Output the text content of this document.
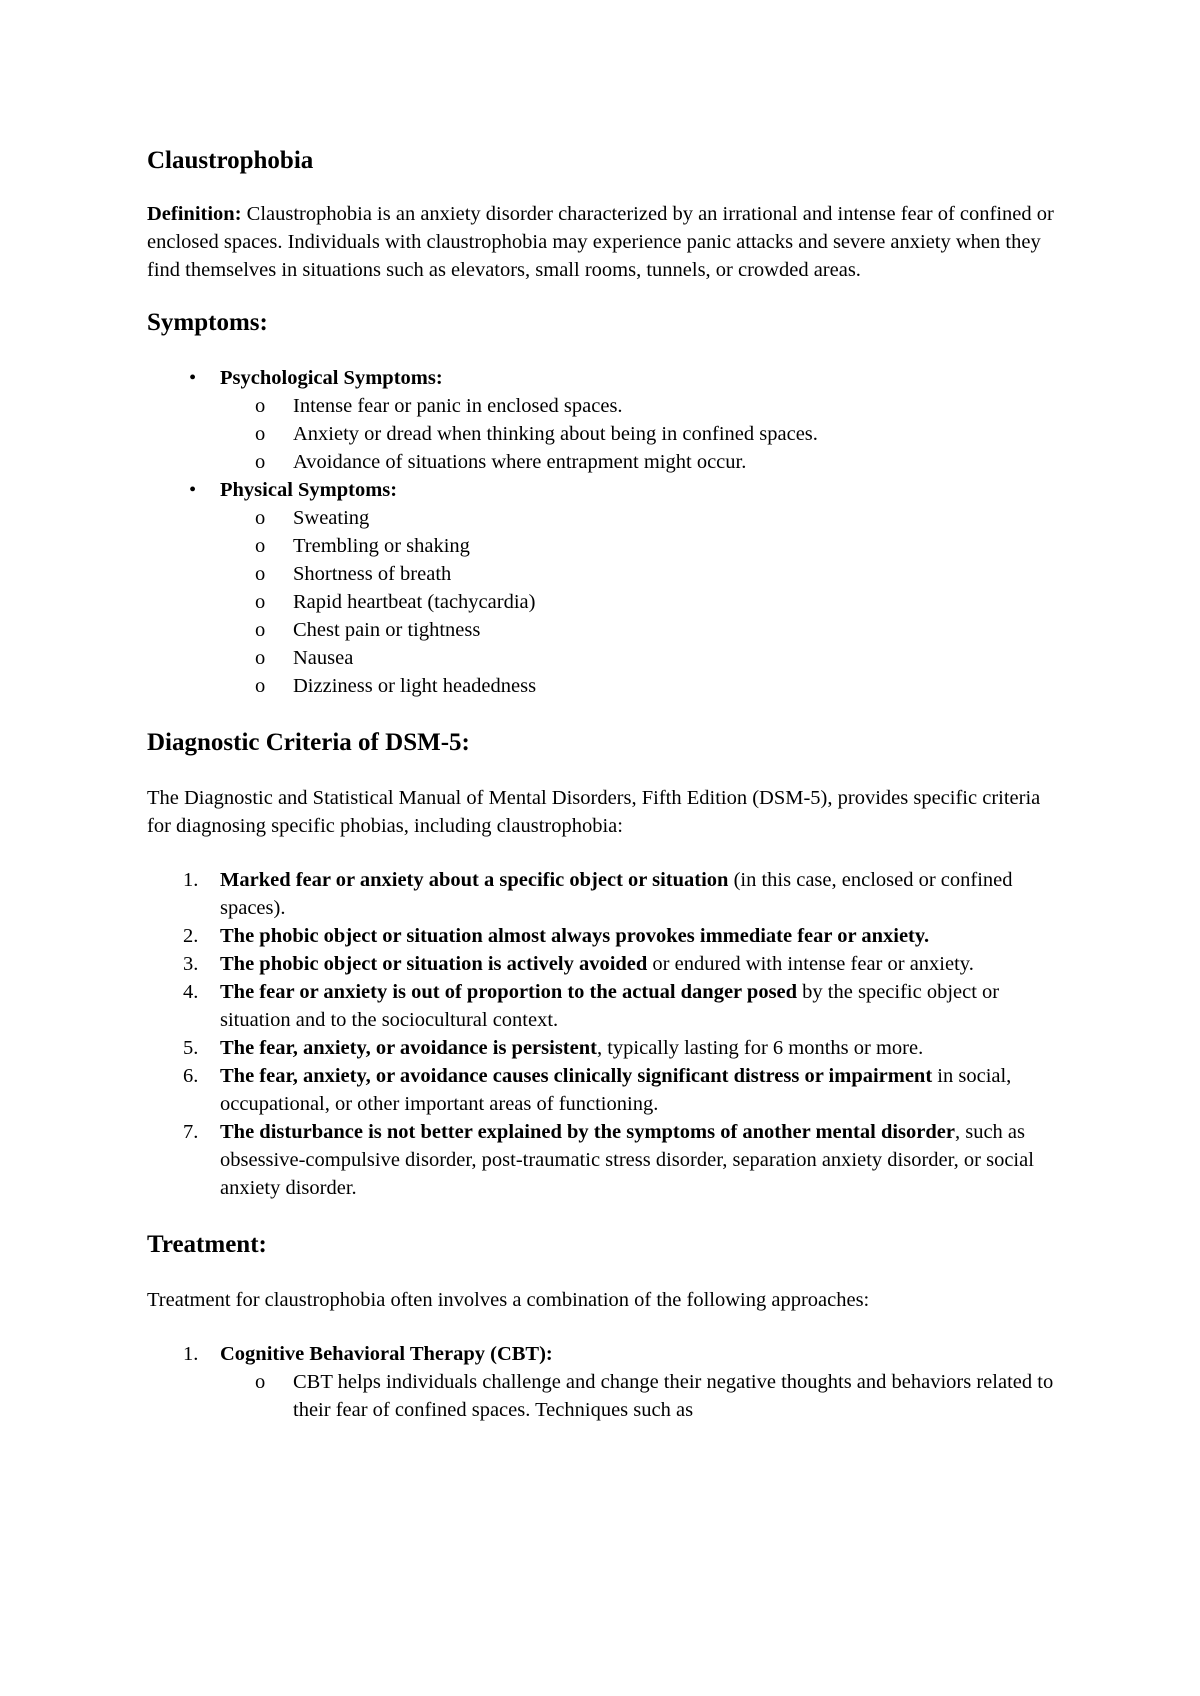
Claustrophobia

Definition: Claustrophobia is an anxiety disorder characterized by an irrational and intense fear of confined or enclosed spaces. Individuals with claustrophobia may experience panic attacks and severe anxiety when they find themselves in situations such as elevators, small rooms, tunnels, or crowded areas.

Symptoms:
• Psychological Symptoms:
o Intense fear or panic in enclosed spaces.
o Anxiety or dread when thinking about being in confined spaces.
o Avoidance of situations where entrapment might occur.
• Physical Symptoms:
o Sweating
o Trembling or shaking
o Shortness of breath
o Rapid heartbeat (tachycardia)
o Chest pain or tightness
o Nausea
o Dizziness or light headedness
Diagnostic Criteria of DSM-5:

The Diagnostic and Statistical Manual of Mental Disorders, Fifth Edition (DSM-5), provides specific criteria for diagnosing specific phobias, including claustrophobia:

1. Marked fear or anxiety about a specific object or situation (in this case, enclosed or confined spaces).
2. The phobic object or situation almost always provokes immediate fear or anxiety.
3. The phobic object or situation is actively avoided or endured with intense fear or anxiety.
4. The fear or anxiety is out of proportion to the actual danger posed by the specific object or situation and to the sociocultural context.
5. The fear, anxiety, or avoidance is persistent, typically lasting for 6 months or more.
6. The fear, anxiety, or avoidance causes clinically significant distress or impairment in social, occupational, or other important areas of functioning.
7. The disturbance is not better explained by the symptoms of another mental disorder, such as obsessive-compulsive disorder, post-traumatic stress disorder, separation anxiety disorder, or social anxiety disorder.
Treatment:

Treatment for claustrophobia often involves a combination of the following approaches:

1. Cognitive Behavioral Therapy (CBT):
o CBT helps individuals challenge and change their negative thoughts and behaviors related to their fear of confined spaces. Techniques such as
